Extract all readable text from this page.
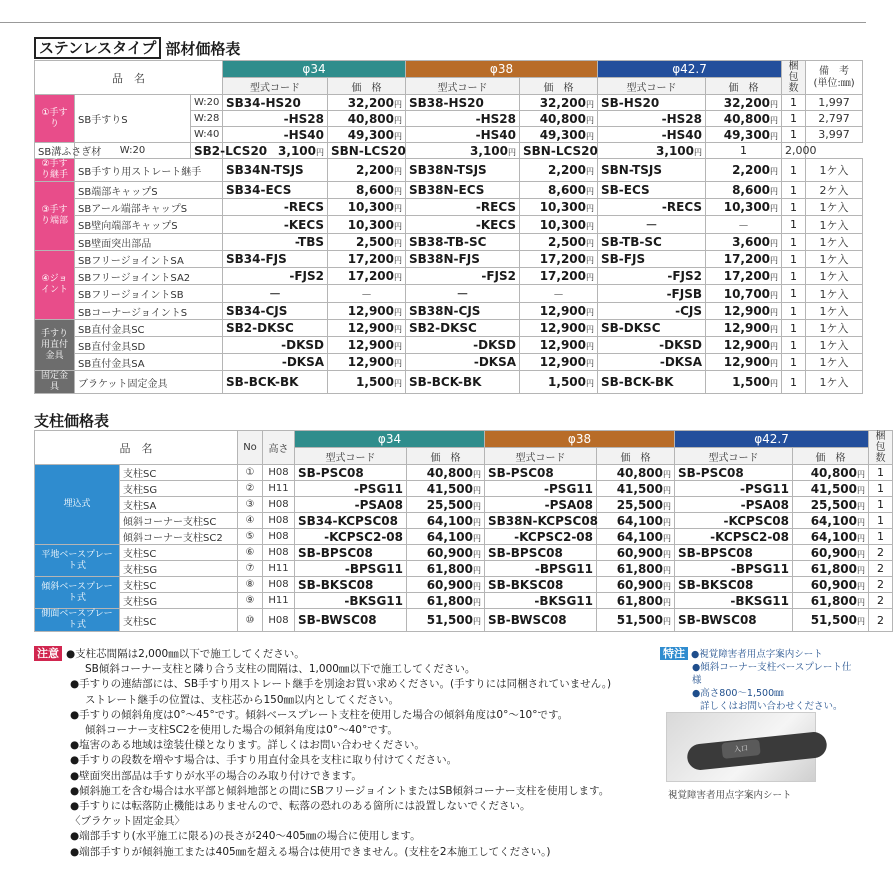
ステンレスタイプ 部材価格表
品　名			φ34		φ38		φ42.7		梱包数	備　考
(単位:㎜)
			型式コード	価　格	型式コード	価　格	型式コード	価　格		
①手すり	SB手すりS	W:20	SB34-HS20	32,200円	SB38-HS20	32,200円	SB-HS20	32,200円	1	1,997
		W:28	-HS28	40,800円	-HS28	40,800円	-HS28	40,800円	1	2,797
		W:40	-HS40	49,300円	-HS40	49,300円	-HS40	49,300円	1	3,997
SB溝ふさぎ材	W:20	SB2-LCS20	3,100円	SBN-LCS20	3,100円	SBN-LCS20	3,100円	1	2,000	
②手すり継手	SB手すり用ストレート継手		SB34N-TSJS	2,200円	SB38N-TSJS	2,200円	SBN-TSJS	2,200円	1	1ケ入
③手すり端部	SB端部キャップS		SB34-ECS	8,600円	SB38N-ECS	8,600円	SB-ECS	8,600円	1	2ケ入
	SBアール端部キャップS		-RECS	10,300円	-RECS	10,300円	-RECS	10,300円	1	1ケ入
	SB壁向端部キャップS		-KECS	10,300円	-KECS	10,300円	－	－	1	1ケ入
	SB壁面突出部品		-TBS	2,500円	SB38-TB-SC	2,500円	SB-TB-SC	3,600円	1	1ケ入
④ジョイント	SBフリージョイントSA		SB34-FJS	17,200円	SB38N-FJS	17,200円	SB-FJS	17,200円	1	1ケ入
	SBフリージョイントSA2		-FJS2	17,200円	-FJS2	17,200円	-FJS2	17,200円	1	1ケ入
	SBフリージョイントSB		－	－	－	－	-FJSB	10,700円	1	1ケ入
	SBコーナージョイントS		SB34-CJS	12,900円	SB38N-CJS	12,900円	-CJS	12,900円	1	1ケ入
手すり用直付金具	SB直付金具SC		SB2-DKSC	12,900円	SB2-DKSC	12,900円	SB-DKSC	12,900円	1	1ケ入
	SB直付金具SD		-DKSD	12,900円	-DKSD	12,900円	-DKSD	12,900円	1	1ケ入
	SB直付金具SA		-DKSA	12,900円	-DKSA	12,900円	-DKSA	12,900円	1	1ケ入
固定金具	ブラケット固定金具		SB-BCK-BK	1,500円	SB-BCK-BK	1,500円	SB-BCK-BK	1,500円	1	1ケ入
支柱価格表
品　名		No	高さ	φ34		φ38		φ42.7		梱包数
				型式コード	価　格	型式コード	価　格	型式コード	価　格	
埋込式	支柱SC	①	H08	SB-PSC08	40,800円	SB-PSC08	40,800円	SB-PSC08	40,800円	1
	支柱SG	②	H11	-PSG11	41,500円	-PSG11	41,500円	-PSG11	41,500円	1
	支柱SA	③	H08	-PSA08	25,500円	-PSA08	25,500円	-PSA08	25,500円	1
	傾斜コーナー支柱SC	④	H08	SB34-KCPSC08	64,100円	SB38N-KCPSC08	64,100円	-KCPSC08	64,100円	1
	傾斜コーナー支柱SC2	⑤	H08	-KCPSC2-08	64,100円	-KCPSC2-08	64,100円	-KCPSC2-08	64,100円	1
平地ベースプレート式	支柱SC	⑥	H08	SB-BPSC08	60,900円	SB-BPSC08	60,900円	SB-BPSC08	60,900円	2
	支柱SG	⑦	H11	-BPSG11	61,800円	-BPSG11	61,800円	-BPSG11	61,800円	2
傾斜ベースプレート式	支柱SC	⑧	H08	SB-BKSC08	60,900円	SB-BKSC08	60,900円	SB-BKSC08	60,900円	2
	支柱SG	⑨	H11	-BKSG11	61,800円	-BKSG11	61,800円	-BKSG11	61,800円	2
側面ベースプレート式	支柱SC	⑩	H08	SB-BWSC08	51,500円	SB-BWSC08	51,500円	SB-BWSC08	51,500円	2
注意 ●支柱芯間隔は2,000㎜以下で施工してください。
SB傾斜コーナー支柱と隣り合う支柱の間隔は、1,000㎜以下で施工してください。
●手すりの連結部には、SB手すり用ストレート継手を別途お買い求めください。(手すりには同梱されていません。)
ストレート継手の位置は、支柱芯から150㎜以内としてください。
●手すりの傾斜角度は0°～45°です。傾斜ベースプレート支柱を使用した場合の傾斜角度は0°～10°です。
傾斜コーナー支柱SC2を使用した場合の傾斜角度は0°～40°です。
●塩害のある地域は塗装仕様となります。詳しくはお問い合わせください。
●手すりの段数を増やす場合は、手すり用直付金具を支柱に取り付けてください。
●壁面突出部品は手すりが水平の場合のみ取り付けできます。
●傾斜施工を含む場合は水平部と傾斜地部との間にSBフリージョイントまたはSB傾斜コーナー支柱を使用します。
●手すりには転落防止機能はありませんので、転落の恐れのある箇所には設置しないでください。
〈ブラケット固定金具〉
●端部手すり(水平施工に限る)の長さが240～405㎜の場合に使用します。
●端部手すりが傾斜施工または405㎜を超える場合は使用できません。(支柱を2本施工してください。)
特注 ●視覚障害者用点字案内シート
●傾斜コーナー支柱ベースプレート仕様
●高さ800～1,500㎜
詳しくはお問い合わせください。
入口
視覚障害者用点字案内シート
